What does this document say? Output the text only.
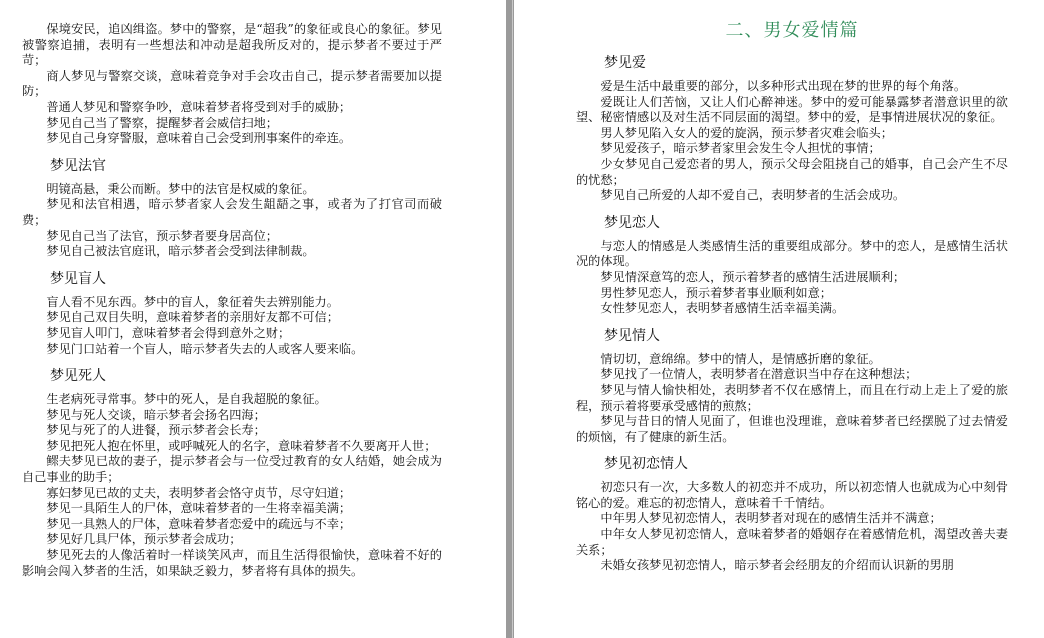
保境安民，追凶缉盗。梦中的警察，是“超我”的象征或良心的象征。梦见被警察追捕，表明有一些想法和冲动是超我所反对的，提示梦者不要过于严苛；

商人梦见与警察交谈，意味着竞争对手会攻击自己，提示梦者需要加以提防；

普通人梦见和警察争吵，意味着梦者将受到对手的威胁；

梦见自己当了警察，提醒梦者会威信扫地；

梦见自己身穿警服，意味着自己会受到刑事案件的牵连。

梦见法官

明镜高悬，秉公而断。梦中的法官是权威的象征。

梦见和法官相遇，暗示梦者家人会发生龃龉之事，或者为了打官司而破费；

梦见自己当了法官，预示梦者要身居高位；

梦见自己被法官庭讯，暗示梦者会受到法律制裁。

梦见盲人

盲人看不见东西。梦中的盲人，象征着失去辨别能力。

梦见自己双目失明，意味着梦者的亲朋好友都不可信；

梦见盲人叩门，意味着梦者会得到意外之财；

梦见门口站着一个盲人，暗示梦者失去的人或客人要来临。

梦见死人

生老病死寻常事。梦中的死人，是自我超脱的象征。

梦见与死人交谈，暗示梦者会扬名四海；

梦见与死了的人进餐，预示梦者会长寿；

梦见把死人抱在怀里，或呼喊死人的名字，意味着梦者不久要离开人世；

鳏夫梦见已故的妻子，提示梦者会与一位受过教育的女人结婚，她会成为自己事业的助手；

寡妇梦见已故的丈夫，表明梦者会恪守贞节，尽守妇道；

梦见一具陌生人的尸体，意味着梦者的一生将幸福美满；

梦见一具熟人的尸体，意味着梦者恋爱中的疏远与不幸；

梦见好几具尸体，预示梦者会成功；

梦见死去的人像活着时一样谈笑风声，而且生活得很愉快，意味着不好的影响会闯入梦者的生活，如果缺乏毅力，梦者将有具体的损失。

二、男女爱情篇
梦见爱

爱是生活中最重要的部分，以多种形式出现在梦的世界的每个角落。

爱既让人们苦恼，又让人们心醉神迷。梦中的爱可能暴露梦者潜意识里的欲望、秘密情感以及对生活不同层面的渴望。梦中的爱，是事情进展状况的象征。

男人梦见陷入女人的爱的旋涡，预示梦者灾难会临头；

梦见爱孩子，暗示梦者家里会发生令人担忧的事情；

少女梦见自己爱恋者的男人，预示父母会阻挠自己的婚事，自己会产生不尽的忧愁；

梦见自己所爱的人却不爱自己，表明梦者的生活会成功。

梦见恋人

与恋人的情感是人类感情生活的重要组成部分。梦中的恋人，是感情生活状况的体现。

梦见情深意笃的恋人，预示着梦者的感情生活进展顺利；

男性梦见恋人，预示着梦者事业顺利如意；

女性梦见恋人，表明梦者感情生活幸福美满。

梦见情人

情切切，意绵绵。梦中的情人，是情感折磨的象征。

梦见找了一位情人，表明梦者在潜意识当中存在这种想法；

梦见与情人愉快相处，表明梦者不仅在感情上，而且在行动上走上了爱的旅程，预示着将要承受感情的煎熬；

梦见与昔日的情人见面了，但谁也没理谁，意味着梦者已经摆脱了过去情爱的烦恼，有了健康的新生活。

梦见初恋情人

初恋只有一次，大多数人的初恋并不成功，所以初恋情人也就成为心中刻骨铭心的爱。难忘的初恋情人，意味着千千情结。

中年男人梦见初恋情人，表明梦者对现在的感情生活并不满意；

中年女人梦见初恋情人，意味着梦者的婚姻存在着感情危机，渴望改善夫妻关系；

未婚女孩梦见初恋情人，暗示梦者会经朋友的介绍而认识新的男朋
